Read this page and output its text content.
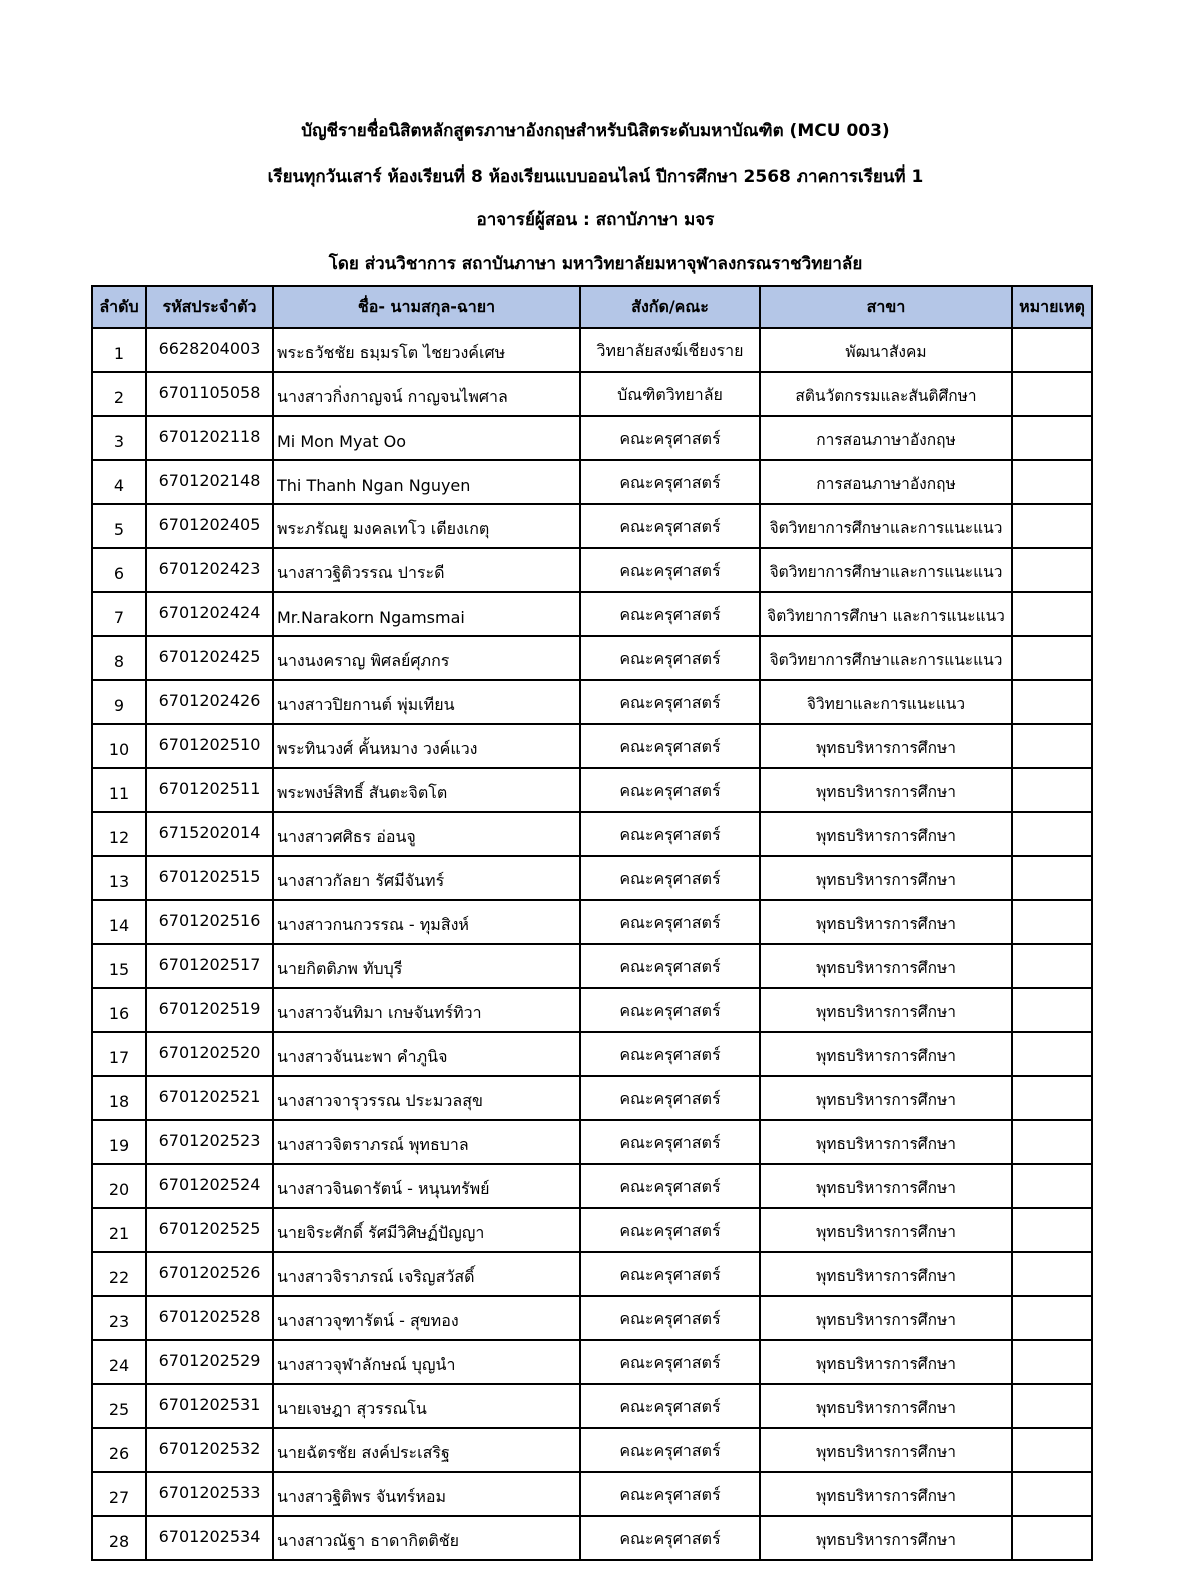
บัญชีรายชื่อนิสิตหลักสูตรภาษาอังกฤษสำหรับนิสิตระดับมหาบัณฑิต (MCU 003)
เรียนทุกวันเสาร์ ห้องเรียนที่ 8 ห้องเรียนแบบออนไลน์ ปีการศึกษา 2568 ภาคการเรียนที่ 1
อาจารย์ผู้สอน : สถาบัภาษา มจร
โดย ส่วนวิชาการ สถาบันภาษา มหาวิทยาลัยมหาจุฬาลงกรณราชวิทยาลัย
ลำดับ	รหัสประจำตัว	ชื่อ- นามสกุล-ฉายา	สังกัด/คณะ	สาขา	หมายเหตุ
1	6628204003	พระธวัชชัย ธมฺมรโต ไชยวงค์เศษ	วิทยาลัยสงฆ์เชียงราย	พัฒนาสังคม	
2	6701105058	นางสาวกิ่งกาญจน์ กาญจนไพศาล	บัณฑิตวิทยาลัย	สตินวัตกรรมและสันติศึกษา	
3	6701202118	Mi Mon Myat Oo	คณะครุศาสตร์	การสอนภาษาอังกฤษ	
4	6701202148	Thi Thanh Ngan Nguyen	คณะครุศาสตร์	การสอนภาษาอังกฤษ	
5	6701202405	พระภรัณยู มงคลเทโว เตียงเกตุ	คณะครุศาสตร์	จิตวิทยาการศึกษาและการแนะแนว	
6	6701202423	นางสาวฐิติวรรณ ปาระดี	คณะครุศาสตร์	จิตวิทยาการศึกษาและการแนะแนว	
7	6701202424	Mr.Narakorn Ngamsmai	คณะครุศาสตร์	จิตวิทยาการศึกษา และการแนะแนว	
8	6701202425	นางนงคราญ พิศลย์ศุภกร	คณะครุศาสตร์	จิตวิทยาการศึกษาและการแนะแนว	
9	6701202426	นางสาวปิยกานต์ พุ่มเทียน	คณะครุศาสตร์	จิวิทยาและการแนะแนว	
10	6701202510	พระทินวงศ์ คั้นหมาง วงค์แวง	คณะครุศาสตร์	พุทธบริหารการศึกษา	
11	6701202511	พระพงษ์สิทธิ์ สันตะจิตโต	คณะครุศาสตร์	พุทธบริหารการศึกษา	
12	6715202014	นางสาวศศิธร อ่อนจู	คณะครุศาสตร์	พุทธบริหารการศึกษา	
13	6701202515	นางสาวกัลยา รัศมีจันทร์	คณะครุศาสตร์	พุทธบริหารการศึกษา	
14	6701202516	นางสาวกนกวรรณ - ทุมสิงห์	คณะครุศาสตร์	พุทธบริหารการศึกษา	
15	6701202517	นายกิตติภพ ทับบุรี	คณะครุศาสตร์	พุทธบริหารการศึกษา	
16	6701202519	นางสาวจันทิมา เกษจันทร์ทิวา	คณะครุศาสตร์	พุทธบริหารการศึกษา	
17	6701202520	นางสาวจันนะพา คำภูนิจ	คณะครุศาสตร์	พุทธบริหารการศึกษา	
18	6701202521	นางสาวจารุวรรณ ประมวลสุข	คณะครุศาสตร์	พุทธบริหารการศึกษา	
19	6701202523	นางสาวจิตราภรณ์ พุทธบาล	คณะครุศาสตร์	พุทธบริหารการศึกษา	
20	6701202524	นางสาวจินดารัตน์ - หนุนทรัพย์	คณะครุศาสตร์	พุทธบริหารการศึกษา	
21	6701202525	นายจิระศักดิ์ รัศมีวิศิษฏ์ปัญญา	คณะครุศาสตร์	พุทธบริหารการศึกษา	
22	6701202526	นางสาวจิราภรณ์ เจริญสวัสดิ์	คณะครุศาสตร์	พุทธบริหารการศึกษา	
23	6701202528	นางสาวจุฑารัตน์ - สุขทอง	คณะครุศาสตร์	พุทธบริหารการศึกษา	
24	6701202529	นางสาวจุฬาลักษณ์ บุญนำ	คณะครุศาสตร์	พุทธบริหารการศึกษา	
25	6701202531	นายเจษฎา สุวรรณโน	คณะครุศาสตร์	พุทธบริหารการศึกษา	
26	6701202532	นายฉัตรชัย สงค์ประเสริฐ	คณะครุศาสตร์	พุทธบริหารการศึกษา	
27	6701202533	นางสาวฐิติพร จันทร์หอม	คณะครุศาสตร์	พุทธบริหารการศึกษา	
28	6701202534	นางสาวณัฐา ธาดากิตติชัย	คณะครุศาสตร์	พุทธบริหารการศึกษา	
